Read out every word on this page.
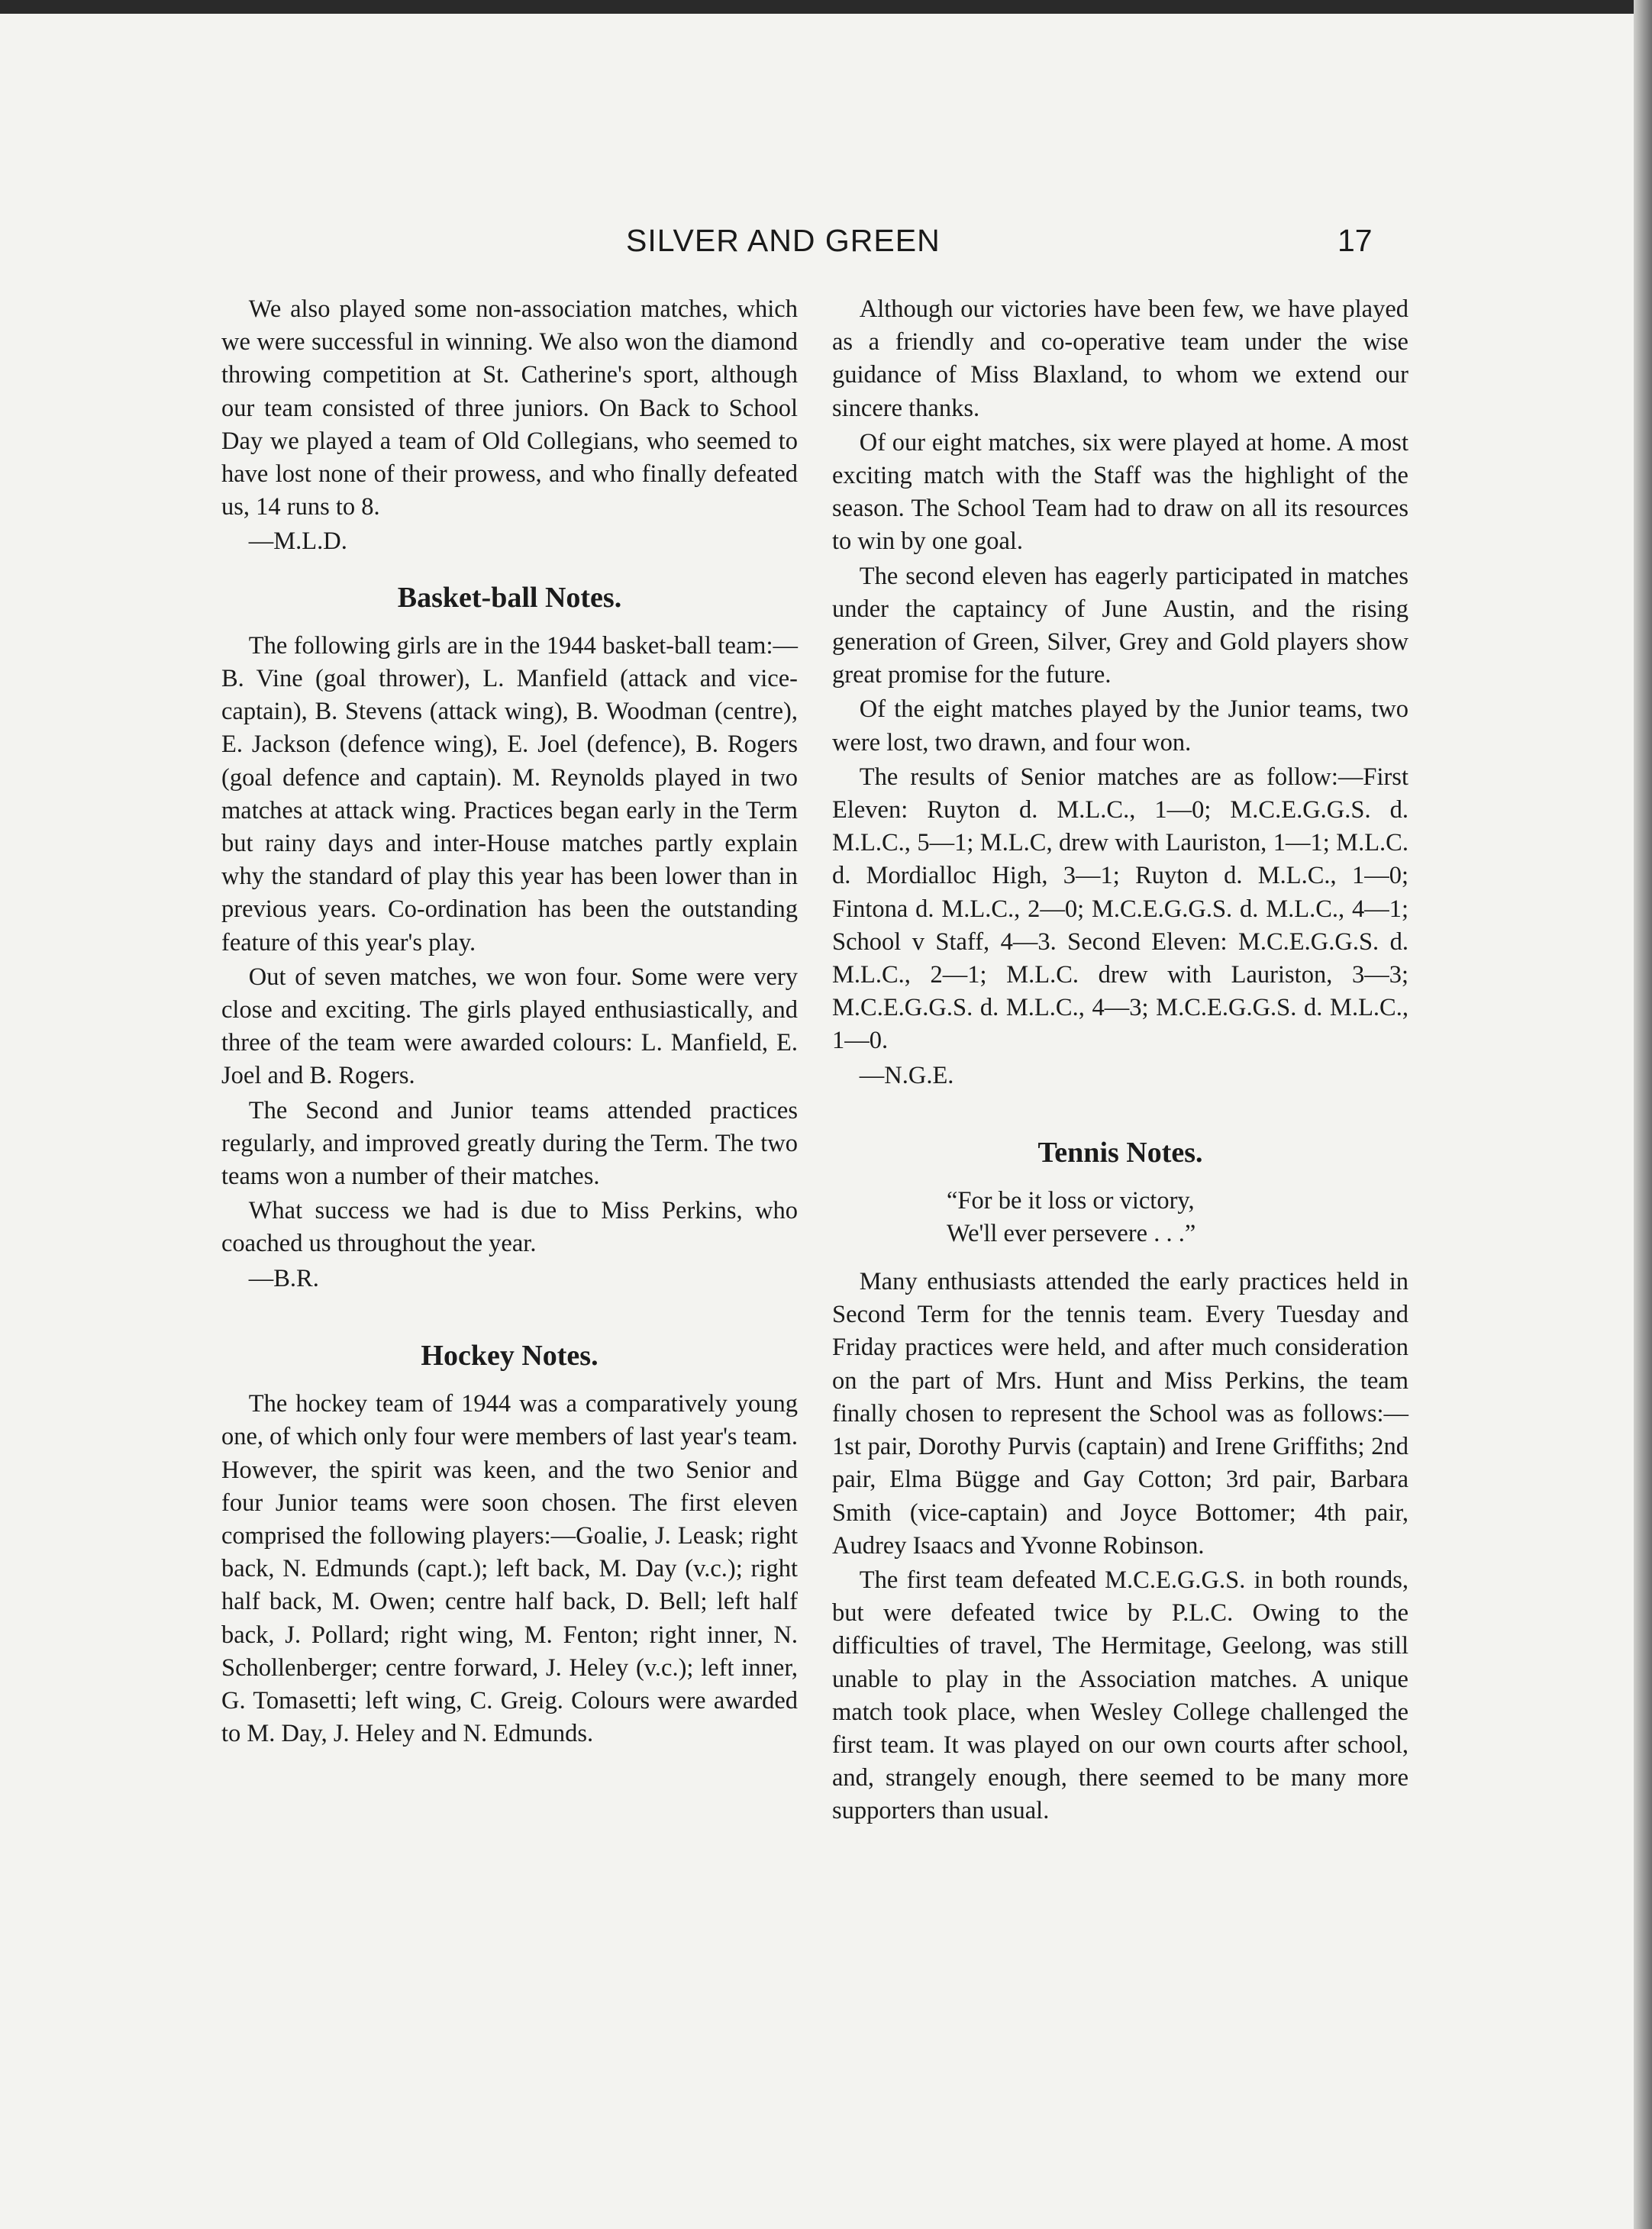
SILVER AND GREEN	17

We also played some non-association matches, which we were successful in winning. We also won the diamond throwing competition at St. Catherine's sport, although our team consisted of three juniors. On Back to School Day we played a team of Old Collegians, who seemed to have lost none of their prowess, and who finally defeated us, 14 runs to 8.

—M.L.D.

Basket-ball Notes.

The following girls are in the 1944 basket-ball team:—B. Vine (goal thrower), L. Manfield (attack and vice-captain), B. Stevens (attack wing), B. Woodman (centre), E. Jackson (defence wing), E. Joel (defence), B. Rogers (goal defence and captain). M. Reynolds played in two matches at attack wing. Practices began early in the Term but rainy days and inter-House matches partly explain why the standard of play this year has been lower than in previous years. Co-ordination has been the outstanding feature of this year's play.

Out of seven matches, we won four. Some were very close and exciting. The girls played enthusiastically, and three of the team were awarded colours: L. Manfield, E. Joel and B. Rogers.

The Second and Junior teams attended practices regularly, and improved greatly during the Term. The two teams won a number of their matches.

What success we had is due to Miss Perkins, who coached us throughout the year.

—B.R.

Hockey Notes.

The hockey team of 1944 was a comparatively young one, of which only four were members of last year's team. However, the spirit was keen, and the two Senior and four Junior teams were soon chosen. The first eleven comprised the following players:—Goalie, J. Leask; right back, N. Edmunds (capt.); left back, M. Day (v.c.); right half back, M. Owen; centre half back, D. Bell; left half back, J. Pollard; right wing, M. Fenton; right inner, N. Schollenberger; centre forward, J. Heley (v.c.); left inner, G. Tomasetti; left wing, C. Greig. Colours were awarded to M. Day, J. Heley and N. Edmunds.

Although our victories have been few, we have played as a friendly and co-operative team under the wise guidance of Miss Blaxland, to whom we extend our sincere thanks.

Of our eight matches, six were played at home. A most exciting match with the Staff was the highlight of the season. The School Team had to draw on all its resources to win by one goal.

The second eleven has eagerly participated in matches under the captaincy of June Austin, and the rising generation of Green, Silver, Grey and Gold players show great promise for the future.

Of the eight matches played by the Junior teams, two were lost, two drawn, and four won.

The results of Senior matches are as follow:—First Eleven: Ruyton d. M.L.C., 1—0; M.C.E.G.G.S. d. M.L.C., 5—1; M.L.C, drew with Lauriston, 1—1; M.L.C. d. Mordialloc High, 3—1; Ruyton d. M.L.C., 1—0; Fintona d. M.L.C., 2—0; M.C.E.G.G.S. d. M.L.C., 4—1; School v Staff, 4—3. Second Eleven: M.C.E.G.G.S. d. M.L.C., 2—1; M.L.C. drew with Lauriston, 3—3; M.C.E.G.G.S. d. M.L.C., 4—3; M.C.E.G.G.S. d. M.L.C., 1—0.

—N.G.E.

Tennis Notes.
“For be it loss or victory,
We'll ever persevere . . .”

Many enthusiasts attended the early practices held in Second Term for the tennis team. Every Tuesday and Friday practices were held, and after much consideration on the part of Mrs. Hunt and Miss Perkins, the team finally chosen to represent the School was as follows:—1st pair, Dorothy Purvis (captain) and Irene Griffiths; 2nd pair, Elma Bügge and Gay Cotton; 3rd pair, Barbara Smith (vice-captain) and Joyce Bottomer; 4th pair, Audrey Isaacs and Yvonne Robinson.

The first team defeated M.C.E.G.G.S. in both rounds, but were defeated twice by P.L.C. Owing to the difficulties of travel, The Hermitage, Geelong, was still unable to play in the Association matches. A unique match took place, when Wesley College challenged the first team. It was played on our own courts after school, and, strangely enough, there seemed to be many more supporters than usual.
